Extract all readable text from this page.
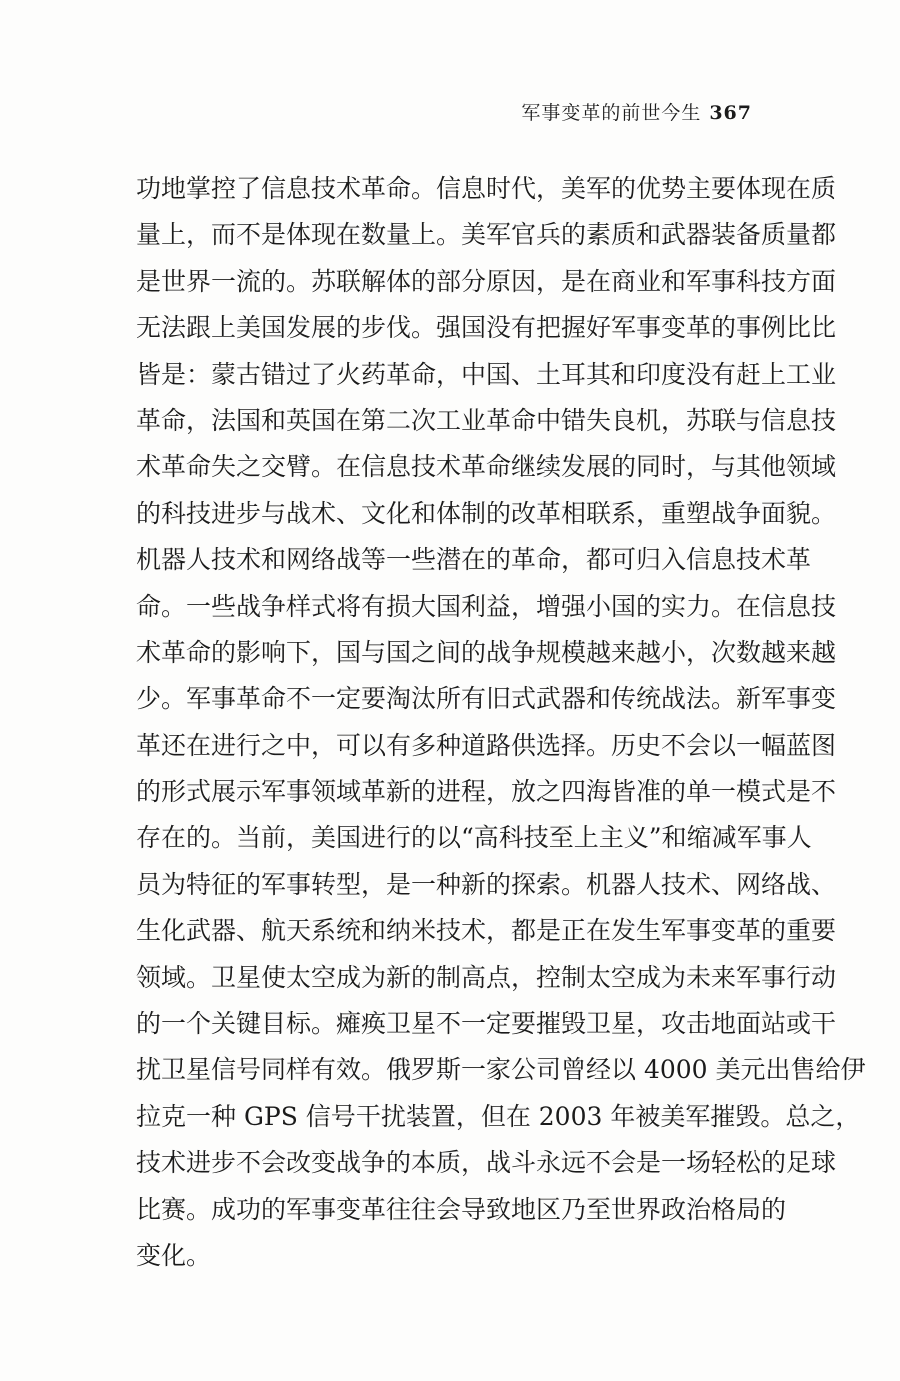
军事变革的前世今生 367
功地掌控了信息技术革命。信息时代，美军的优势主要体现在质
量上，而不是体现在数量上。美军官兵的素质和武器装备质量都
是世界一流的。苏联解体的部分原因，是在商业和军事科技方面
无法跟上美国发展的步伐。强国没有把握好军事变革的事例比比
皆是：蒙古错过了火药革命，中国、土耳其和印度没有赶上工业
革命，法国和英国在第二次工业革命中错失良机，苏联与信息技
术革命失之交臂。在信息技术革命继续发展的同时，与其他领域
的科技进步与战术、文化和体制的改革相联系，重塑战争面貌。
机器人技术和网络战等一些潜在的革命，都可归入信息技术革
命。一些战争样式将有损大国利益，增强小国的实力。在信息技
术革命的影响下，国与国之间的战争规模越来越小，次数越来越
少。军事革命不一定要淘汰所有旧式武器和传统战法。新军事变
革还在进行之中，可以有多种道路供选择。历史不会以一幅蓝图
的形式展示军事领域革新的进程，放之四海皆准的单一模式是不
存在的。当前，美国进行的以“高科技至上主义”和缩减军事人
员为特征的军事转型，是一种新的探索。机器人技术、网络战、
生化武器、航天系统和纳米技术，都是正在发生军事变革的重要
领域。卫星使太空成为新的制高点，控制太空成为未来军事行动
的一个关键目标。瘫痪卫星不一定要摧毁卫星，攻击地面站或干
扰卫星信号同样有效。俄罗斯一家公司曾经以 4000 美元出售给伊
拉克一种 GPS 信号干扰装置，但在 2003 年被美军摧毁。总之，
技术进步不会改变战争的本质，战斗永远不会是一场轻松的足球
比赛。成功的军事变革往往会导致地区乃至世界政治格局的
变化。
